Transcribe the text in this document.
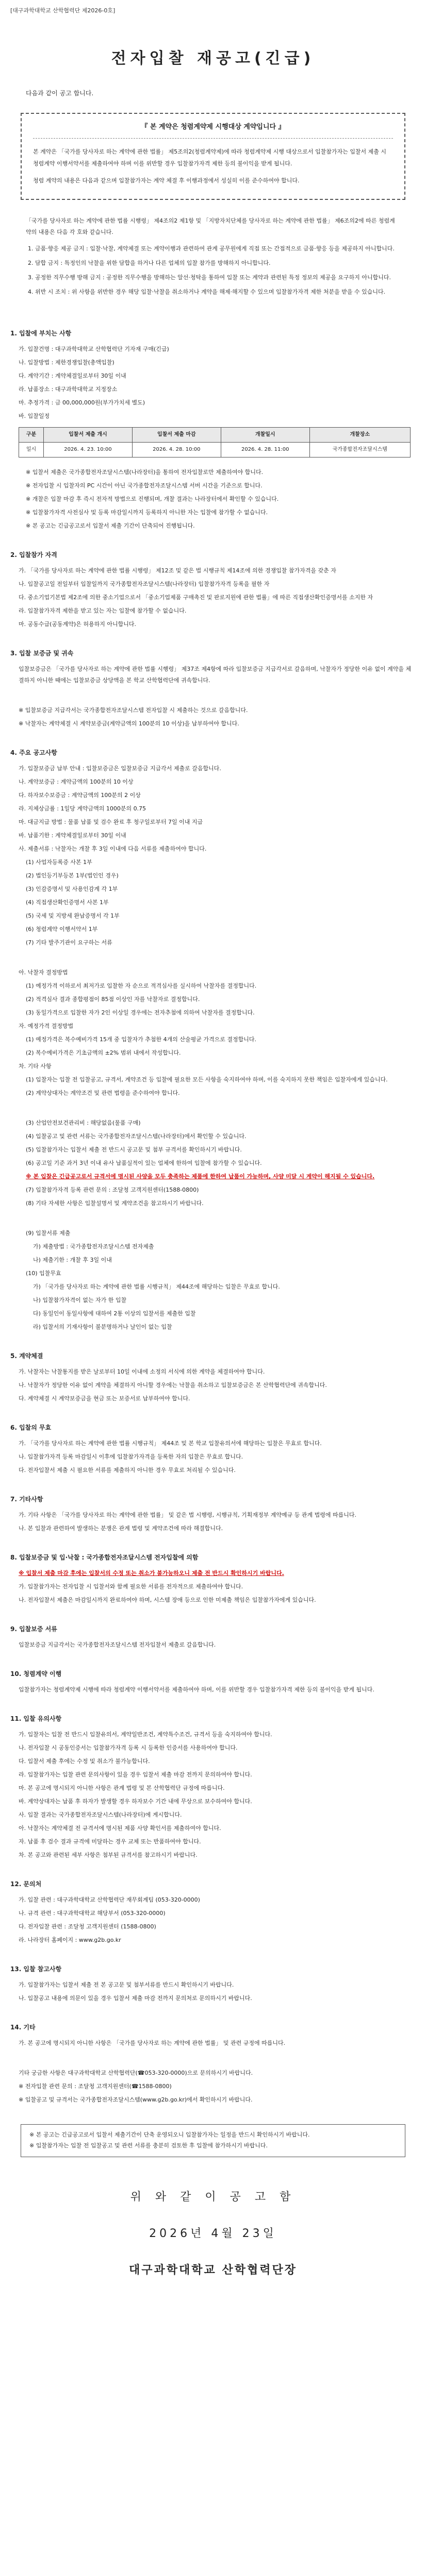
[대구과학대학교 산학협력단 제2026-0호]
전자입찰 재공고(긴급)
다음과 같이 공고 합니다.
『 본 계약은 청렴계약제 시행대상 계약입니다 』

본 계약은 「국가를 당사자로 하는 계약에 관한 법률」 제5조의2(청렴계약제)에 따라 청렴계약제 시행 대상으로서 입찰참가자는 입찰서 제출 시 청렴계약 이행서약서를 제출하여야 하며 이를 위반할 경우 입찰참가자격 제한 등의 불이익을 받게 됩니다.

청렴 계약의 내용은 다음과 같으며 입찰참가자는 계약 체결 후 이행과정에서 성실히 이를 준수하여야 합니다.

「국가를 당사자로 하는 계약에 관한 법률 시행령」 제4조의2 제1항 및 「지방자치단체를 당사자로 하는 계약에 관한 법률」 제6조의2에 따른 청렴계약의 내용은 다음 각 호와 같습니다.

1. 금품·향응 제공 금지 : 입찰·낙찰, 계약체결 또는 계약이행과 관련하여 관계 공무원에게 직접 또는 간접적으로 금품·향응 등을 제공하지 아니합니다.
2. 담합 금지 : 특정인의 낙찰을 위한 담합을 하거나 다른 업체의 입찰 참가를 방해하지 아니합니다.
3. 공정한 직무수행 방해 금지 : 공정한 직무수행을 방해하는 알선·청탁을 통하여 입찰 또는 계약과 관련된 특정 정보의 제공을 요구하지 아니합니다.
4. 위반 시 조치 : 위 사항을 위반한 경우 해당 입찰·낙찰을 취소하거나 계약을 해제·해지할 수 있으며 입찰참가자격 제한 처분을 받을 수 있습니다.
1. 입찰에 부치는 사항
가. 입찰건명 : 대구과학대학교 산학협력단 기자재 구매(긴급)
나. 입찰방법 : 제한경쟁입찰(총액입찰)
다. 계약기간 : 계약체결일로부터 30일 이내
라. 납품장소 : 대구과학대학교 지정장소
마. 추정가격 : 금 00,000,000원(부가가치세 별도)
바. 입찰일정
구분	입찰서 제출 개시	입찰서 제출 마감	개찰일시	개찰장소
일시	2026. 4. 23. 10:00	2026. 4. 28. 10:00	2026. 4. 28. 11:00	국가종합전자조달시스템
※ 입찰서 제출은 국가종합전자조달시스템(나라장터)을 통하여 전자입찰로만 제출하여야 합니다.
※ 전자입찰 시 입찰자의 PC 시간이 아닌 국가종합전자조달시스템 서버 시간을 기준으로 합니다.
※ 개찰은 입찰 마감 후 즉시 전자적 방법으로 진행되며, 개찰 결과는 나라장터에서 확인할 수 있습니다.
※ 입찰참가자격 사전심사 및 등록 마감일시까지 등록하지 아니한 자는 입찰에 참가할 수 없습니다.
※ 본 공고는 긴급공고로서 입찰서 제출 기간이 단축되어 진행됩니다.
2. 입찰참가 자격
가. 「국가를 당사자로 하는 계약에 관한 법률 시행령」 제12조 및 같은 법 시행규칙 제14조에 의한 경쟁입찰 참가자격을 갖춘 자
나. 입찰공고일 전일부터 입찰일까지 국가종합전자조달시스템(나라장터) 입찰참가자격 등록을 필한 자
다. 중소기업기본법 제2조에 의한 중소기업으로서 「중소기업제품 구매촉진 및 판로지원에 관한 법률」에 따른 직접생산확인증명서를 소지한 자
라. 입찰참가자격 제한을 받고 있는 자는 입찰에 참가할 수 없습니다.
마. 공동수급(공동계약)은 허용하지 아니합니다.
3. 입찰 보증금 및 귀속
입찰보증금은 「국가를 당사자로 하는 계약에 관한 법률 시행령」 제37조 제4항에 따라 입찰보증금 지급각서로 갈음하며, 낙찰자가 정당한 이유 없이 계약을 체결하지 아니한 때에는 입찰보증금 상당액을 본 학교 산학협력단에 귀속합니다.
※ 입찰보증금 지급각서는 국가종합전자조달시스템 전자입찰 시 제출하는 것으로 갈음합니다.
※ 낙찰자는 계약체결 시 계약보증금(계약금액의 100분의 10 이상)을 납부하여야 합니다.
4. 주요 공고사항
가. 입찰보증금 납부 안내 : 입찰보증금은 입찰보증금 지급각서 제출로 갈음합니다.
나. 계약보증금 : 계약금액의 100분의 10 이상
다. 하자보수보증금 : 계약금액의 100분의 2 이상
라. 지체상금률 : 1일당 계약금액의 1000분의 0.75
마. 대금지급 방법 : 물품 납품 및 검수 완료 후 청구일로부터 7일 이내 지급
바. 납품기한 : 계약체결일로부터 30일 이내
사. 제출서류 : 낙찰자는 개찰 후 3일 이내에 다음 서류를 제출하여야 합니다.
(1) 사업자등록증 사본 1부
(2) 법인등기부등본 1부(법인인 경우)
(3) 인감증명서 및 사용인감계 각 1부
(4) 직접생산확인증명서 사본 1부
(5) 국세 및 지방세 완납증명서 각 1부
(6) 청렴계약 이행서약서 1부
(7) 기타 발주기관이 요구하는 서류
아. 낙찰자 결정방법
(1) 예정가격 이하로서 최저가로 입찰한 자 순으로 적격심사를 실시하여 낙찰자를 결정합니다.
(2) 적격심사 결과 종합평점이 85점 이상인 자를 낙찰자로 결정합니다.
(3) 동일가격으로 입찰한 자가 2인 이상일 경우에는 전자추첨에 의하여 낙찰자를 결정합니다.
자. 예정가격 결정방법
(1) 예정가격은 복수예비가격 15개 중 입찰자가 추첨한 4개의 산술평균 가격으로 결정합니다.
(2) 복수예비가격은 기초금액의 ±2% 범위 내에서 작성합니다.
차. 기타 사항
(1) 입찰자는 입찰 전 입찰공고, 규격서, 계약조건 등 입찰에 필요한 모든 사항을 숙지하여야 하며, 이를 숙지하지 못한 책임은 입찰자에게 있습니다.
(2) 계약상대자는 계약조건 및 관련 법령을 준수하여야 합니다.
(3) 산업안전보건관리비 : 해당없음(물품 구매)
(4) 입찰공고 및 관련 서류는 국가종합전자조달시스템(나라장터)에서 확인할 수 있습니다.
(5) 입찰참가자는 입찰서 제출 전 반드시 공고문 및 첨부 규격서를 확인하시기 바랍니다.
(6) 공고일 기준 과거 3년 이내 유사 납품실적이 있는 업체에 한하여 입찰에 참가할 수 있습니다.
※ 본 입찰은 긴급공고로서 규격서에 명시된 사양을 모두 충족하는 제품에 한하여 납품이 가능하며, 사양 미달 시 계약이 해지될 수 있습니다.
(7) 입찰참가자격 등록 관련 문의 : 조달청 고객지원센터(1588-0800)
(8) 기타 자세한 사항은 입찰설명서 및 계약조건을 참고하시기 바랍니다.
(9) 입찰서류 제출
가) 제출방법 : 국가종합전자조달시스템 전자제출
나) 제출기한 : 개찰 후 3일 이내
(10) 입찰무효
가) 「국가를 당사자로 하는 계약에 관한 법률 시행규칙」 제44조에 해당하는 입찰은 무효로 합니다.
나) 입찰참가자격이 없는 자가 한 입찰
다) 동일인이 동일사항에 대하여 2통 이상의 입찰서를 제출한 입찰
라) 입찰서의 기재사항이 불분명하거나 날인이 없는 입찰
5. 계약체결
가. 낙찰자는 낙찰통지를 받은 날로부터 10일 이내에 소정의 서식에 의한 계약을 체결하여야 합니다.
나. 낙찰자가 정당한 이유 없이 계약을 체결하지 아니할 경우에는 낙찰을 취소하고 입찰보증금은 본 산학협력단에 귀속합니다.
다. 계약체결 시 계약보증금을 현금 또는 보증서로 납부하여야 합니다.
6. 입찰의 무효
가. 「국가를 당사자로 하는 계약에 관한 법률 시행규칙」 제44조 및 본 학교 입찰유의서에 해당하는 입찰은 무효로 합니다.
나. 입찰참가자격 등록 마감일시 이후에 입찰참가자격을 등록한 자의 입찰은 무효로 합니다.
다. 전자입찰서 제출 시 필요한 서류를 제출하지 아니한 경우 무효로 처리될 수 있습니다.
7. 기타사항
가. 기타 사항은 「국가를 당사자로 하는 계약에 관한 법률」 및 같은 법 시행령, 시행규칙, 기획재정부 계약예규 등 관계 법령에 따릅니다.
나. 본 입찰과 관련하여 발생하는 분쟁은 관계 법령 및 계약조건에 따라 해결합니다.
8. 입찰보증금 및 입·낙찰 : 국가종합전자조달시스템 전자입찰에 의함
※ 입찰서 제출 마감 후에는 입찰서의 수정 또는 취소가 불가능하오니 제출 전 반드시 확인하시기 바랍니다.
가. 입찰참가자는 전자입찰 시 입찰서와 함께 필요한 서류를 전자적으로 제출하여야 합니다.
나. 전자입찰서 제출은 마감일시까지 완료하여야 하며, 시스템 장애 등으로 인한 미제출 책임은 입찰참가자에게 있습니다.
9. 입찰보증 서류
입찰보증금 지급각서는 국가종합전자조달시스템 전자입찰서 제출로 갈음합니다.
10. 청렴계약 이행
입찰참가자는 청렴계약제 시행에 따라 청렴계약 이행서약서를 제출하여야 하며, 이를 위반할 경우 입찰참가자격 제한 등의 불이익을 받게 됩니다.
11. 입찰 유의사항
가. 입찰자는 입찰 전 반드시 입찰유의서, 계약일반조건, 계약특수조건, 규격서 등을 숙지하여야 합니다.
나. 전자입찰 시 공동인증서는 입찰참가자격 등록 시 등록한 인증서를 사용하여야 합니다.
다. 입찰서 제출 후에는 수정 및 취소가 불가능합니다.
라. 입찰참가자는 입찰 관련 문의사항이 있을 경우 입찰서 제출 마감 전까지 문의하여야 합니다.
마. 본 공고에 명시되지 아니한 사항은 관계 법령 및 본 산학협력단 규정에 따릅니다.
바. 계약상대자는 납품 후 하자가 발생할 경우 하자보수 기간 내에 무상으로 보수하여야 합니다.
사. 입찰 결과는 국가종합전자조달시스템(나라장터)에 게시합니다.
아. 낙찰자는 계약체결 전 규격서에 명시된 제품 사양 확인서를 제출하여야 합니다.
자. 납품 후 검수 결과 규격에 미달하는 경우 교체 또는 반품하여야 합니다.
차. 본 공고와 관련된 세부 사항은 첨부된 규격서를 참고하시기 바랍니다.
12. 문의처
가. 입찰 관련 : 대구과학대학교 산학협력단 재무회계팀 (053-320-0000)
나. 규격 관련 : 대구과학대학교 해당부서 (053-320-0000)
다. 전자입찰 관련 : 조달청 고객지원센터 (1588-0800)
라. 나라장터 홈페이지 : www.g2b.go.kr
13. 입찰 참고사항
가. 입찰참가자는 입찰서 제출 전 본 공고문 및 첨부서류를 반드시 확인하시기 바랍니다.
나. 입찰공고 내용에 의문이 있을 경우 입찰서 제출 마감 전까지 문의처로 문의하시기 바랍니다.
14. 기타
가. 본 공고에 명시되지 아니한 사항은 「국가를 당사자로 하는 계약에 관한 법률」 및 관련 규정에 따릅니다.
기타 궁금한 사항은 대구과학대학교 산학협력단(☎053-320-0000)으로 문의하시기 바랍니다.
※ 전자입찰 관련 문의 : 조달청 고객지원센터(☎1588-0800)
※ 입찰공고 및 규격서는 국가종합전자조달시스템(www.g2b.go.kr)에서 확인하시기 바랍니다.
※ 본 공고는 긴급공고로서 입찰서 제출기간이 단축 운영되오니 입찰참가자는 일정을 반드시 확인하시기 바랍니다.
※ 입찰참가자는 입찰 전 입찰공고 및 관련 서류를 충분히 검토한 후 입찰에 참가하시기 바랍니다.
위 와 같 이 공 고 함
2026년 4월 23일
대구과학대학교 산학협력단장
